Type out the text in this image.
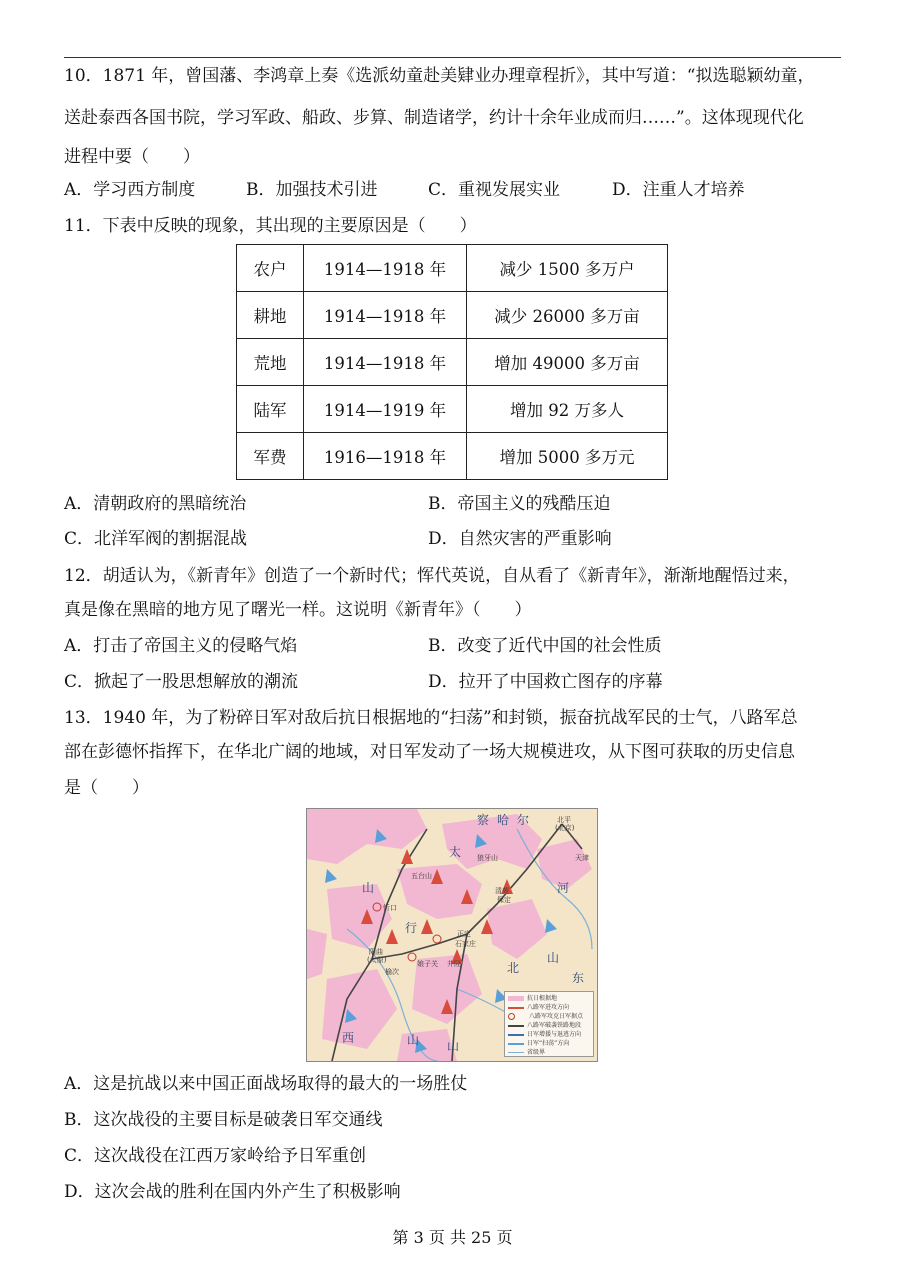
10．1871 年，曾国藩、李鸿章上奏《选派幼童赴美肄业办理章程折》，其中写道：“拟选聪颖幼童，
送赴泰西各国书院，学习军政、船政、步算、制造诸学，约计十余年业成而归……”。这体现现代化
进程中要（　　）
A．学习西方制度	B．加强技术引进	C．重视发展实业	D．注重人才培养
11．下表中反映的现象，其出现的主要原因是（　　）
农户	1914—1918 年	减少 1500 多万户
耕地	1914—1918 年	减少 26000 多万亩
荒地	1914—1918 年	增加 49000 多万亩
陆军	1914—1919 年	增加 92 万多人
军费	1916—1918 年	增加 5000 多万元
A．清朝政府的黑暗统治	B．帝国主义的残酷压迫
C．北洋军阀的割据混战	D．自然灾害的严重影响
12．胡适认为，《新青年》创造了一个新时代；恽代英说，自从看了《新青年》，渐渐地醒悟过来，
真是像在黑暗的地方见了曙光一样。这说明《新青年》（　　）
A．打击了帝国主义的侵略气焰	B．改变了近代中国的社会性质
C．掀起了一股思想解放的潮流	D．拉开了中国救亡图存的序幕
13．1940 年，为了粉碎日军对敌后抗日根据地的“扫荡”和封锁，振奋抗战军民的士气，八路军总
部在彭德怀指挥下，在华北广阔的地域，对日军发动了一场大规模进攻，从下图可获取的历史信息
是（　　）
察 哈 尔
太
山
行
山
河
北
山
东
西
山
北平
(北京)
天津
狼牙山
五台山
忻口
保定
清苑
阳曲
(太原)
榆次
娘子关 井陉
正定
石家庄
抗日根据地
八路军进攻方向
八路军攻克日军据点
八路军破袭铁路地段
日军增援与退逃方向
日军“扫荡”方向
省级界
A．这是抗战以来中国正面战场取得的最大的一场胜仗
B．这次战役的主要目标是破袭日军交通线
C．这次战役在江西万家岭给予日军重创
D．这次会战的胜利在国内外产生了积极影响
第 3 页 共 25 页
